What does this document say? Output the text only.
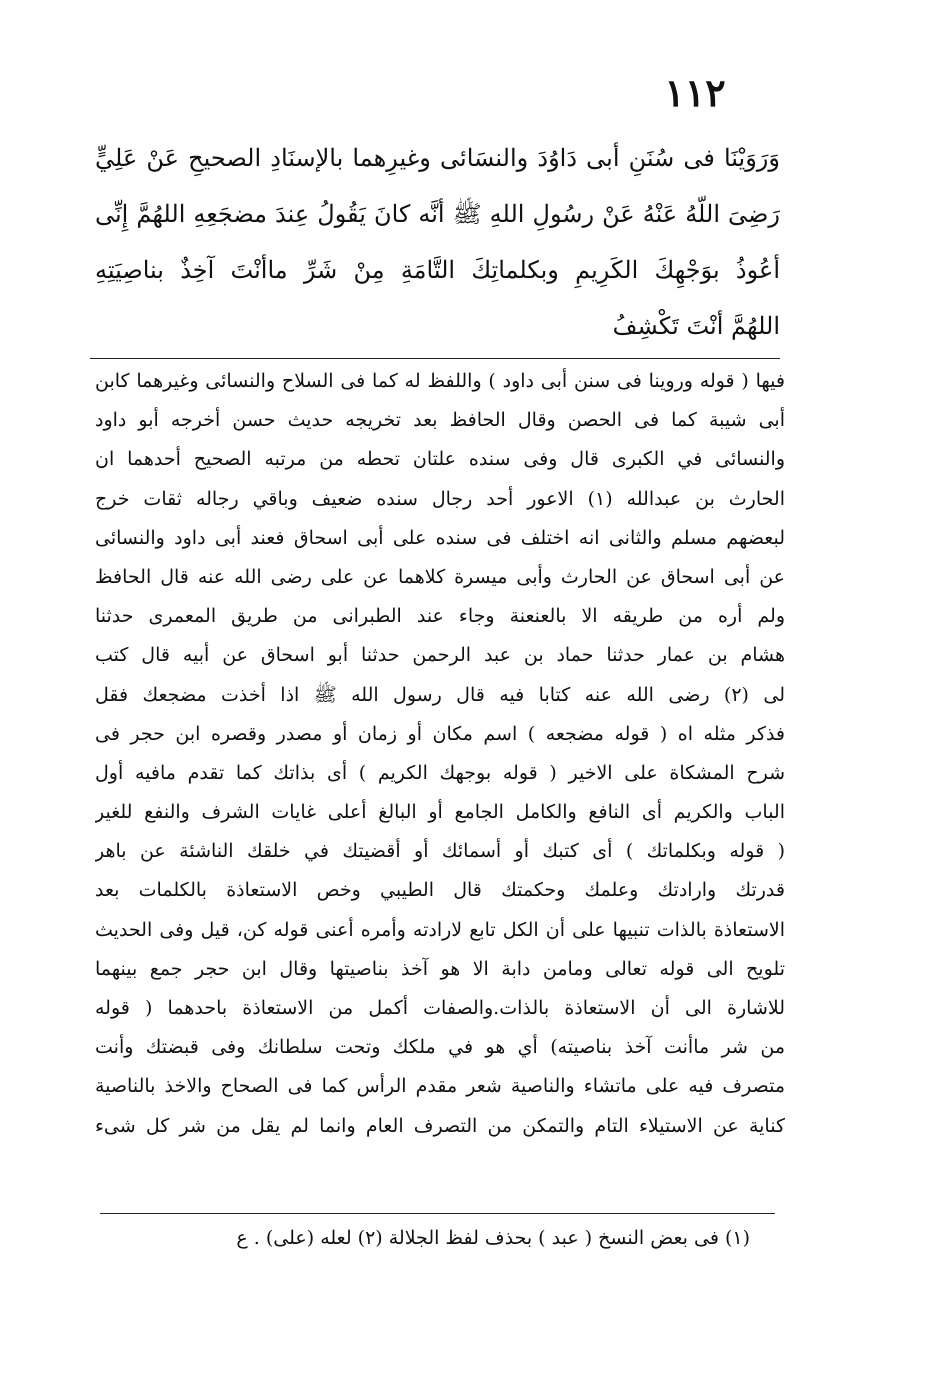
١١٢
وَرَوَيْنَا فى سُنَنِ أبى دَاوُدَ والنسَائى وغيرِهما بالإسنَادِ الصحيحِ عَنْ عَلِيٍّ
رَضِىَ اللّهُ عَنْهُ عَنْ رسُولِ اللهِ ﷺ أنَّه كانَ يَقُولُ عِندَ مضجَعِهِ اللهُمَّ إِنِّى
أعُوذُ بوَجْهِكَ الكَرِيمِ وبكلماتِكَ التَّامَةِ مِنْ شَرِّ ماأنْتَ آخِذٌ بناصِيَتِهِ
اللهُمَّ أنْتَ تَكْشِفُ
فيها ( قوله وروينا فى سنن أبى داود ) واللفظ له كما فى السلاح والنسائى وغيرهما كابن
أبى شيبة كما فى الحصن وقال الحافظ بعد تخريجه حديث حسن أخرجه أبو داود
والنسائى في الكبرى قال وفى سنده علتان تحطه من مرتبه الصحيح أحدهما ان
الحارث بن عبدالله (١) الاعور أحد رجال سنده ضعيف وباقي رجاله ثقات خرج
لبعضهم مسلم والثانى انه اختلف فى سنده على أبى اسحاق فعند أبى داود والنسائى
عن أبى اسحاق عن الحارث وأبى ميسرة كلاهما عن على رضى الله عنه قال الحافظ
ولم أره من طريقه الا بالعنعنة وجاء عند الطبرانى من طريق المعمرى حدثنا
هشام بن عمار حدثنا حماد بن عبد الرحمن حدثنا أبو اسحاق عن أبيه قال كتب
لى (٢) رضى الله عنه كتابا فيه قال رسول الله ﷺ اذا أخذت مضجعك فقل
فذكر مثله اه ( قوله مضجعه ) اسم مكان أو زمان أو مصدر وقصره ابن حجر فى
شرح المشكاة على الاخير ( قوله بوجهك الكريم ) أى بذاتك كما تقدم مافيه أول
الباب والكريم أى النافع والكامل الجامع أو البالغ أعلى غايات الشرف والنفع للغير
( قوله وبكلماتك ) أى كتبك أو أسمائك أو أقضيتك في خلقك الناشئة عن باهر
قدرتك وارادتك وعلمك وحكمتك قال الطيبي وخص الاستعاذة بالكلمات بعد
الاستعاذة بالذات تنبيها على أن الكل تابع لارادته وأمره أعنى قوله كن، قيل وفى الحديث
تلويح الى قوله تعالى ومامن دابة الا هو آخذ بناصيتها وقال ابن حجر جمع بينهما
للاشارة الى أن الاستعاذة بالذات.والصفات أكمل من الاستعاذة باحدهما ( قوله
من شر ماأنت آخذ بناصيته) أي هو في ملكك وتحت سلطانك وفى قبضتك وأنت
متصرف فيه على ماتشاء والناصية شعر مقدم الرأس كما فى الصحاح والاخذ بالناصية
كناية عن الاستيلاء التام والتمكن من التصرف العام وانما لم يقل من شر كل شىء
(١) فى بعض النسخ ( عبد ) بحذف لفظ الجلالة (٢) لعله (على) . ع
